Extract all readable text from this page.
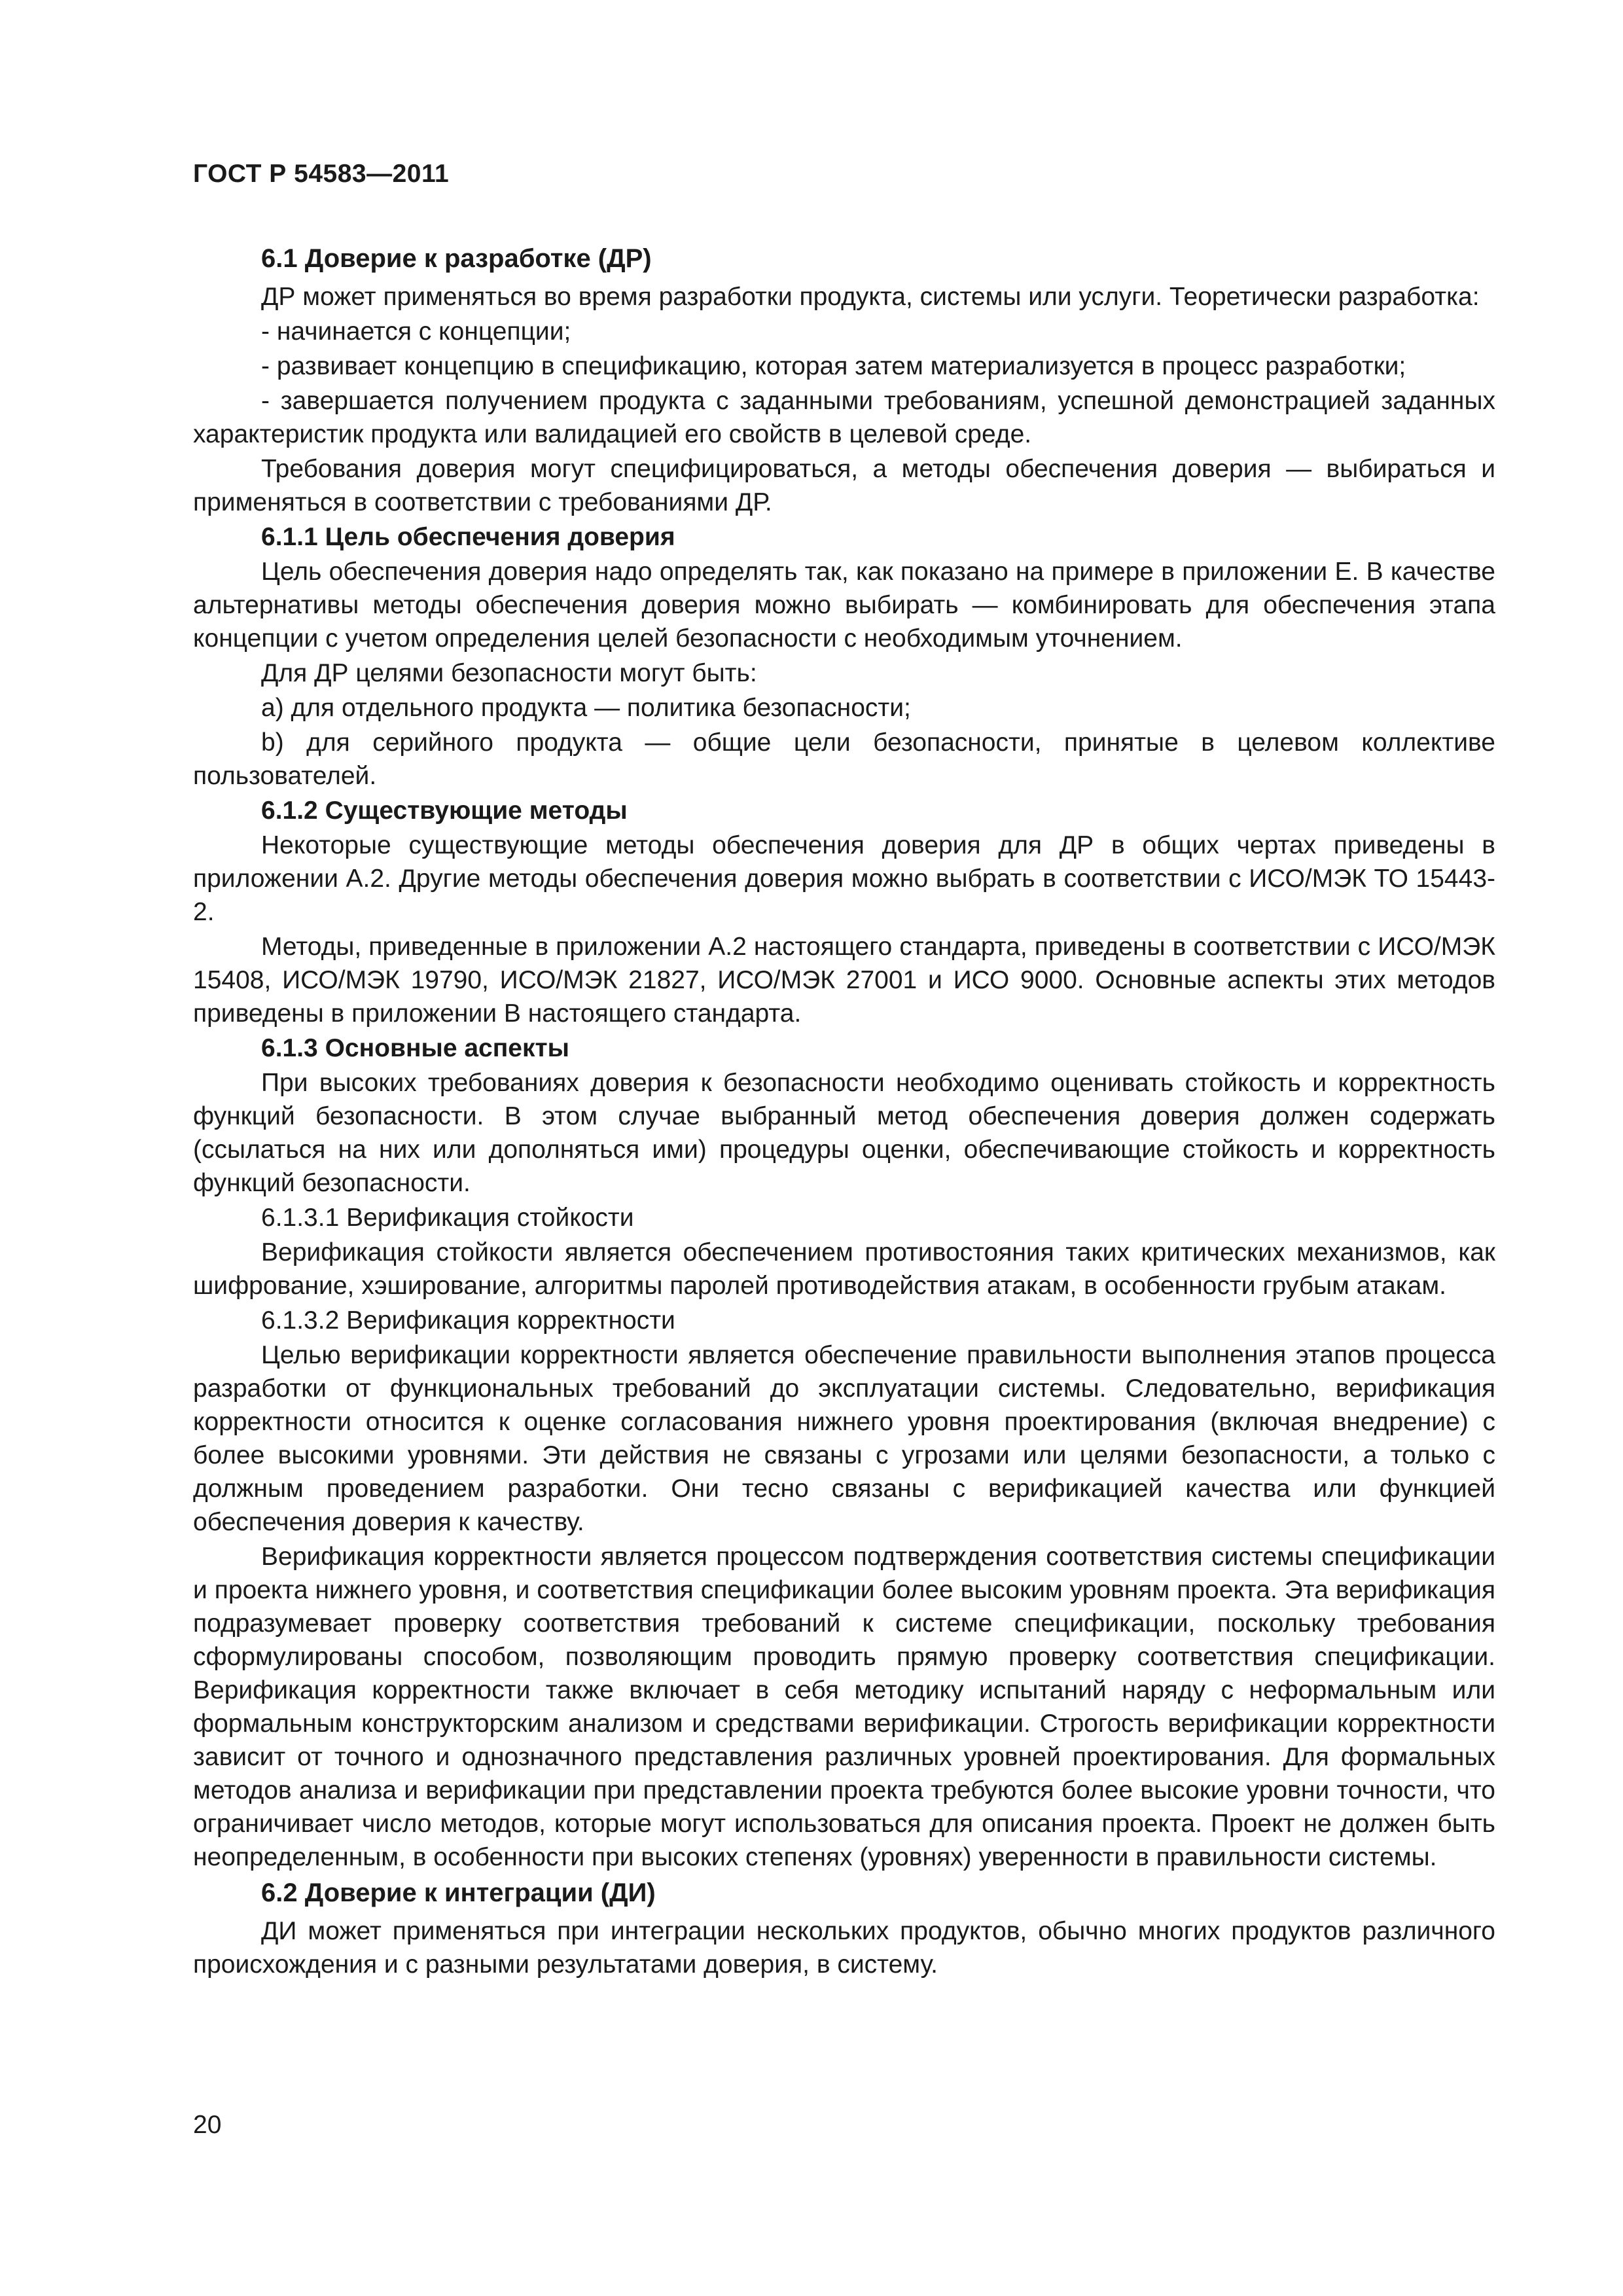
ГОСТ Р 54583—2011
6.1 Доверие к разработке (ДР)
ДР может применяться во время разработки продукта, системы или услуги. Теоретически разработка:
- начинается с концепции;
- развивает концепцию в спецификацию, которая затем материализуется в процесс разработки;
- завершается получением продукта с заданными требованиям, успешной демонстрацией заданных характеристик продукта или валидацией его свойств в целевой среде.
Требования доверия могут специфицироваться, а методы обеспечения доверия — выбираться и применяться в соответствии с требованиями ДР.
6.1.1 Цель обеспечения доверия
Цель обеспечения доверия надо определять так, как показано на примере в приложении Е. В качестве альтернативы методы обеспечения доверия можно выбирать — комбинировать для обеспечения этапа концепции с учетом определения целей безопасности с необходимым уточнением.
Для ДР целями безопасности могут быть:
а) для отдельного продукта — политика безопасности;
b) для серийного продукта — общие цели безопасности, принятые в целевом коллективе пользователей.
6.1.2 Существующие методы
Некоторые существующие методы обеспечения доверия для ДР в общих чертах приведены в приложении А.2. Другие методы обеспечения доверия можно выбрать в соответствии с ИСО/МЭК ТО 15443-2.
Методы, приведенные в приложении А.2 настоящего стандарта, приведены в соответствии с ИСО/МЭК 15408, ИСО/МЭК 19790, ИСО/МЭК 21827, ИСО/МЭК 27001 и ИСО 9000. Основные аспекты этих методов приведены в приложении В настоящего стандарта.
6.1.3 Основные аспекты
При высоких требованиях доверия к безопасности необходимо оценивать стойкость и корректность функций безопасности. В этом случае выбранный метод обеспечения доверия должен содержать (ссылаться на них или дополняться ими) процедуры оценки, обеспечивающие стойкость и корректность функций безопасности.
6.1.3.1 Верификация стойкости
Верификация стойкости является обеспечением противостояния таких критических механизмов, как шифрование, хэширование, алгоритмы паролей противодействия атакам, в особенности грубым атакам.
6.1.3.2 Верификация корректности
Целью верификации корректности является обеспечение правильности выполнения этапов процесса разработки от функциональных требований до эксплуатации системы. Следовательно, верификация корректности относится к оценке согласования нижнего уровня проектирования (включая внедрение) с более высокими уровнями. Эти действия не связаны с угрозами или целями безопасности, а только с должным проведением разработки. Они тесно связаны с верификацией качества или функцией обеспечения доверия к качеству.
Верификация корректности является процессом подтверждения соответствия системы спецификации и проекта нижнего уровня, и соответствия спецификации более высоким уровням проекта. Эта верификация подразумевает проверку соответствия требований к системе спецификации, поскольку требования сформулированы способом, позволяющим проводить прямую проверку соответствия спецификации. Верификация корректности также включает в себя методику испытаний наряду с неформальным или формальным конструкторским анализом и средствами верификации. Строгость верификации корректности зависит от точного и однозначного представления различных уровней проектирования. Для формальных методов анализа и верификации при представлении проекта требуются более высокие уровни точности, что ограничивает число методов, которые могут использоваться для описания проекта. Проект не должен быть неопределенным, в особенности при высоких степенях (уровнях) уверенности в правильности системы.
6.2 Доверие к интеграции (ДИ)
ДИ может применяться при интеграции нескольких продуктов, обычно многих продуктов различного происхождения и с разными результатами доверия, в систему.
20
